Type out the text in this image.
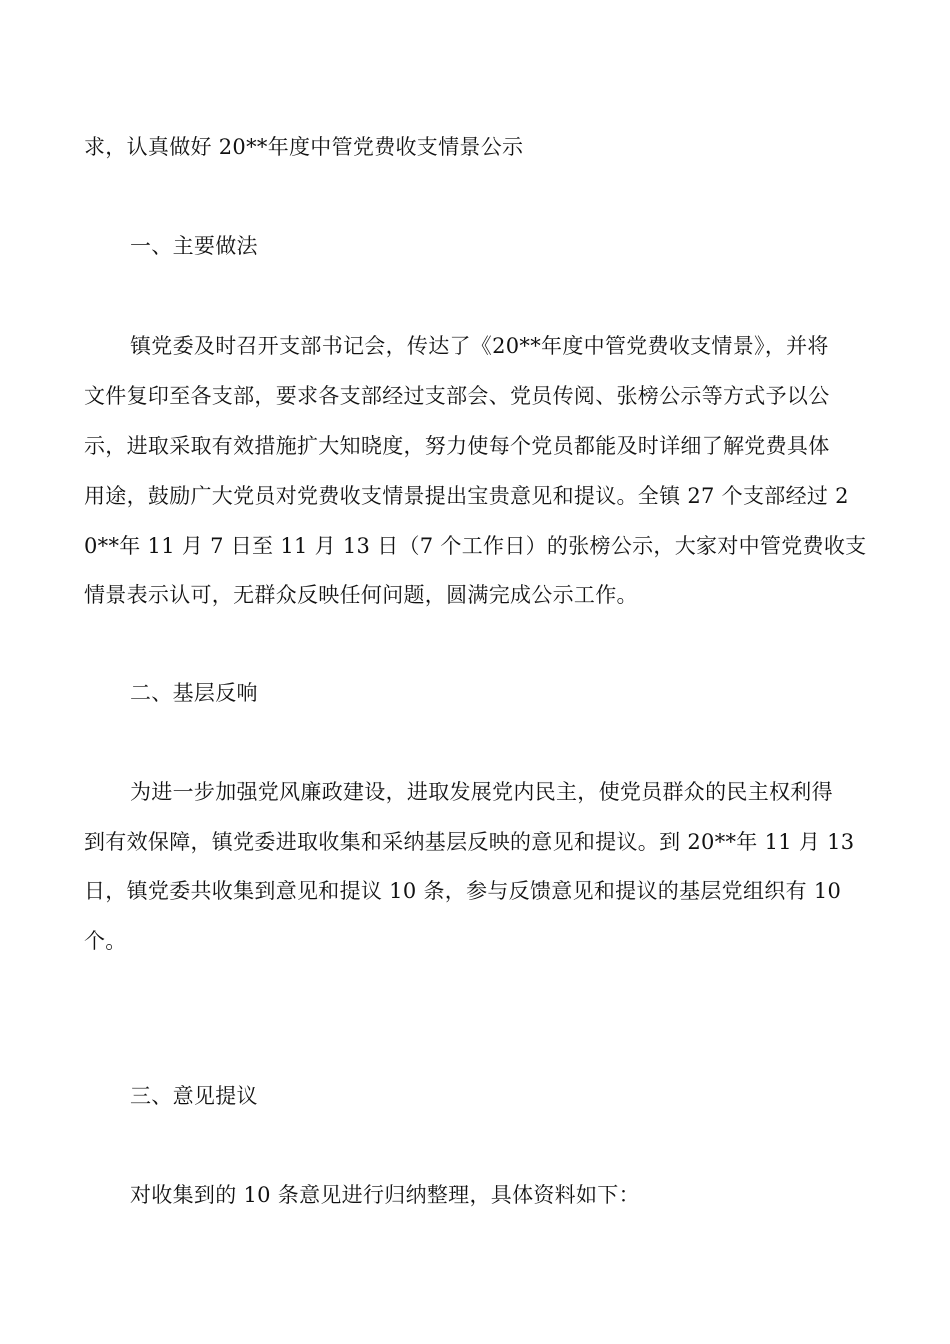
求，认真做好 20**年度中管党费收支情景公示
一、主要做法
镇党委及时召开支部书记会，传达了《20**年度中管党费收支情景》，并将
文件复印至各支部，要求各支部经过支部会、党员传阅、张榜公示等方式予以公
示，进取采取有效措施扩大知晓度，努力使每个党员都能及时详细了解党费具体
用途，鼓励广大党员对党费收支情景提出宝贵意见和提议。全镇 27 个支部经过 2
0**年 11 月 7 日至 11 月 13 日（7 个工作日）的张榜公示，大家对中管党费收支
情景表示认可，无群众反映任何问题，圆满完成公示工作。
二、基层反响
为进一步加强党风廉政建设，进取发展党内民主，使党员群众的民主权利得
到有效保障，镇党委进取收集和采纳基层反映的意见和提议。到 20**年 11 月 13
日，镇党委共收集到意见和提议 10 条，参与反馈意见和提议的基层党组织有 10
个。
三、意见提议
对收集到的 10 条意见进行归纳整理，具体资料如下：
